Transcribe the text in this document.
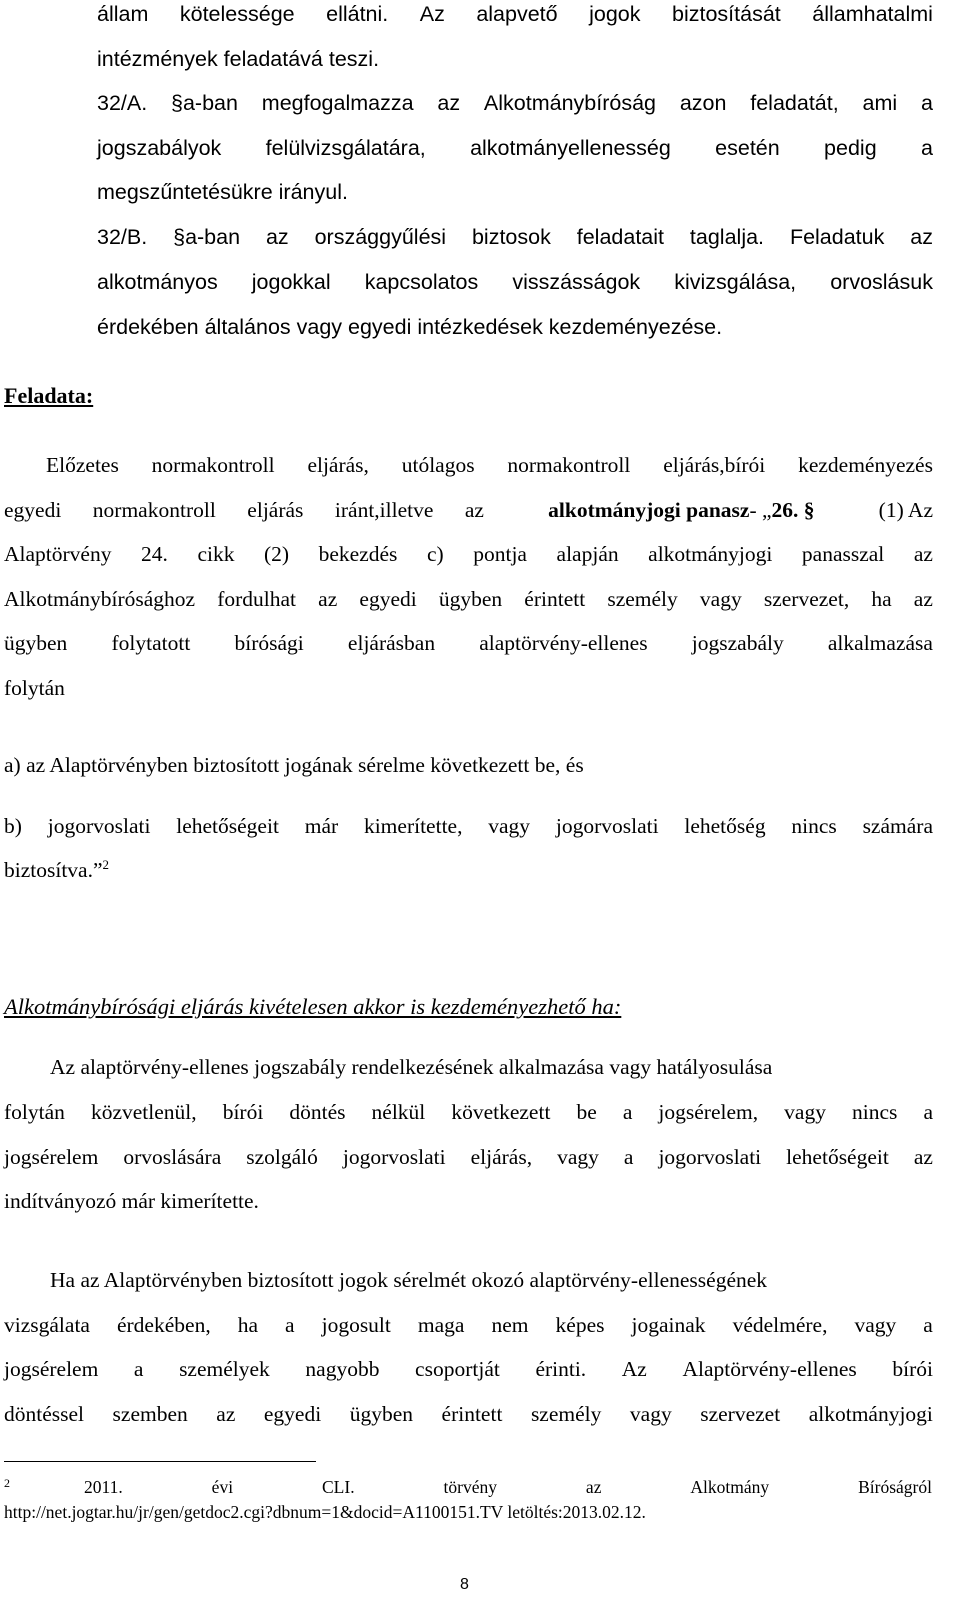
állam kötelessége ellátni. Az alapvető jogok biztosítását államhatalmi
intézmények feladatává teszi.
32/A. §a-ban megfogalmazza az Alkotmánybíróság azon feladatát, ami a
jogszabályok felülvizsgálatára, alkotmányellenesség esetén pedig a
megszűntetésükre irányul.
32/B. §a-ban az országgyűlési biztosok feladatait taglalja. Feladatuk az
alkotmányos jogokkal kapcsolatos visszásságok kivizsgálása, orvoslásuk
érdekében általános vagy egyedi intézkedések kezdeményezése.
Feladata:
Előzetes normakontroll eljárás, utólagos normakontroll eljárás,bírói kezdeményezés
egyedi normakontroll eljárás iránt,illetve az	alkotmányjogi panasz- „26. §	(1) Az
Alaptörvény 24. cikk (2) bekezdés c) pontja alapján alkotmányjogi panasszal az
Alkotmánybírósághoz fordulhat az egyedi ügyben érintett személy vagy szervezet, ha az
ügyben folytatott bírósági eljárásban alaptörvény-ellenes jogszabály alkalmazása
folytán
a) az Alaptörvényben biztosított jogának sérelme következett be, és
b) jogorvoslati lehetőségeit már kimerítette, vagy jogorvoslati lehetőség nincs számára
biztosítva.”$^2$
Alkotmánybírósági eljárás kivételesen akkor is kezdeményezhető ha:
Az alaptörvény-ellenes jogszabály rendelkezésének alkalmazása vagy hatályosulása
folytán közvetlenül, bírói döntés nélkül következett be a jogsérelem, vagy nincs a
jogsérelem orvoslására szolgáló jogorvoslati eljárás, vagy a jogorvoslati lehetőségeit az
indítványozó már kimerítette.
Ha az Alaptörvényben biztosított jogok sérelmét okozó alaptörvény-ellenességének
vizsgálata érdekében, ha a jogosult maga nem képes jogainak védelmére, vagy a
jogsérelem a személyek nagyobb csoportját érinti. Az Alaptörvény-ellenes bírói
döntéssel szemben az egyedi ügyben érintett személy vagy szervezet alkotmányjogi
2	2011.	évi	CLI.	törvény	az	Alkotmány	Bíróságról
http://net.jogtar.hu/jr/gen/getdoc2.cgi?dbnum=1&docid=A1100151.TV letöltés:2013.02.12.
8
